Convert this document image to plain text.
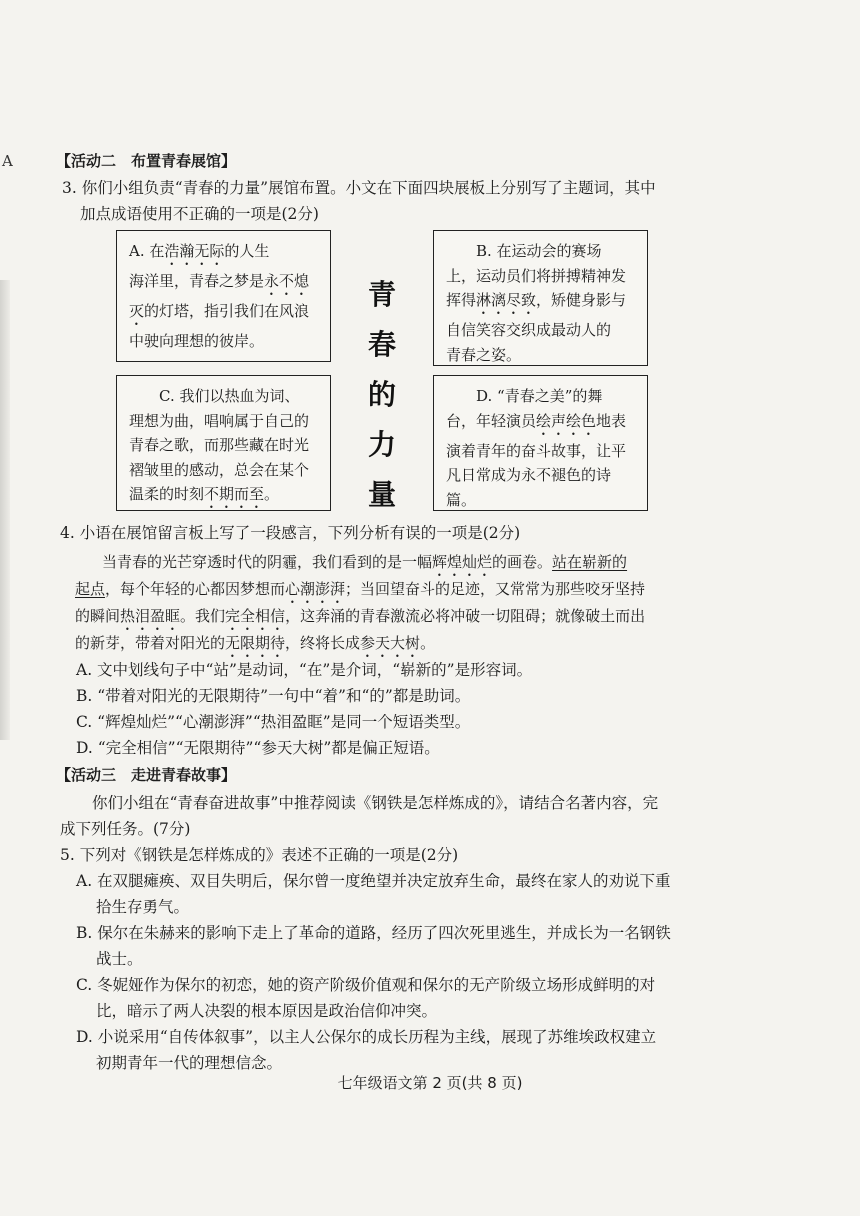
A	【活动二　布置青春展馆】
3. 你们小组负责“青春的力量”展馆布置。小文在下面四块展板上分别写了主题词，其中
加点成语使用不正确的一项是(2分)
A. 在浩瀚无际的人生
海洋里，青春之梦是永不熄
灭的灯塔，指引我们在风浪
中驶向理想的彼岸。
B. 在运动会的赛场
上，运动员们将拼搏精神发
挥得淋漓尽致，矫健身影与
自信笑容交织成最动人的
青春之姿。
青
春
的
力
量
C. 我们以热血为词、
理想为曲，唱响属于自己的
青春之歌，而那些藏在时光
褶皱里的感动，总会在某个
温柔的时刻不期而至。
D. “青春之美”的舞
台，年轻演员绘声绘色地表
演着青年的奋斗故事，让平
凡日常成为永不褪色的诗
篇。
4. 小语在展馆留言板上写了一段感言，下列分析有误的一项是(2分)
当青春的光芒穿透时代的阴霾，我们看到的是一幅辉煌灿烂的画卷。站在崭新的
起点，每个年轻的心都因梦想而心潮澎湃；当回望奋斗的足迹，又常常为那些咬牙坚持
的瞬间热泪盈眶。我们完全相信，这奔涌的青春激流必将冲破一切阻碍；就像破土而出
的新芽，带着对阳光的无限期待，终将长成参天大树。
A. 文中划线句子中“站”是动词，“在”是介词，“崭新的”是形容词。
B. “带着对阳光的无限期待”一句中“着”和“的”都是助词。
C. “辉煌灿烂”“心潮澎湃”“热泪盈眶”是同一个短语类型。
D. “完全相信”“无限期待”“参天大树”都是偏正短语。
【活动三　走进青春故事】
你们小组在“青春奋进故事”中推荐阅读《钢铁是怎样炼成的》，请结合名著内容，完
成下列任务。(7分)
5. 下列对《钢铁是怎样炼成的》表述不正确的一项是(2分)
A. 在双腿瘫痪、双目失明后，保尔曾一度绝望并决定放弃生命，最终在家人的劝说下重
拾生存勇气。
B. 保尔在朱赫来的影响下走上了革命的道路，经历了四次死里逃生，并成长为一名钢铁
战士。
C. 冬妮娅作为保尔的初恋，她的资产阶级价值观和保尔的无产阶级立场形成鲜明的对
比，暗示了两人决裂的根本原因是政治信仰冲突。
D. 小说采用“自传体叙事”，以主人公保尔的成长历程为主线，展现了苏维埃政权建立
初期青年一代的理想信念。
七年级语文第 2 页(共 8 页)
